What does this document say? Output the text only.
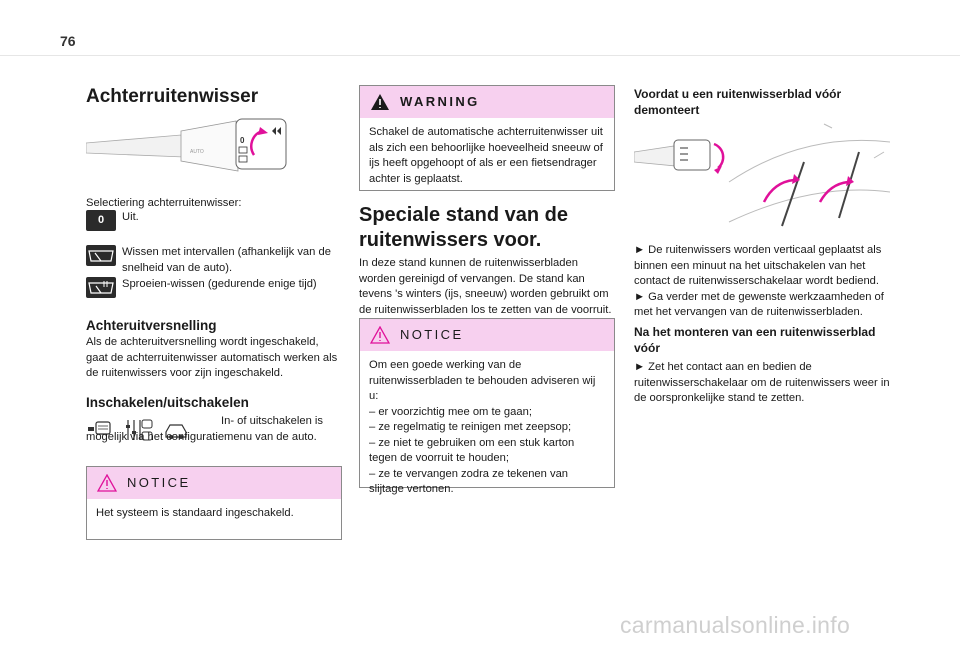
76
Achterruitenwisser
AUTO
0

Selectiering achterruitenwisser:

0	Uit.
Wissen met intervallen (afhankelijk van de snelheid van de auto).
Sproeien-wissen (gedurende enige tijd)
Achteruitversnelling

Als de achteruitversnelling wordt ingeschakeld, gaat de achterruitenwisser automatisch werken als de ruitenwissers voor zijn ingeschakeld.

Inschakelen/uitschakelen

In- of uitschakelen is mogelijk via het configuratiemenu van de auto.

NOTICE
Het systeem is standaard ingeschakeld.
WARNING
Schakel de automatische achterruitenwisser uit als zich een behoorlijke hoeveelheid sneeuw of ijs heeft opgehoopt of als er een fietsendrager achter is geplaatst.
Speciale stand van de ruitenwissers voor.

In deze stand kunnen de ruitenwisserbladen worden gereinigd of vervangen. De stand kan tevens 's winters (ijs, sneeuw) worden gebruikt om de ruitenwisserbladen los te zetten van de voorruit.

NOTICE

Om een goede werking van de ruitenwisserbladen te behouden adviseren wij u:

– er voorzichtig mee om te gaan;

– ze regelmatig te reinigen met zeepsop;

– ze niet te gebruiken om een stuk karton tegen de voorruit te houden;

– ze te vervangen zodra ze tekenen van slijtage vertonen.

Voordat u een ruitenwisserblad vóór demonteert

► De ruitenwissers worden verticaal geplaatst als binnen een minuut na het uitschakelen van het contact de ruitenwisserschakelaar wordt bediend.

► Ga verder met de gewenste werkzaamheden of met het vervangen van de ruitenwisserbladen.

Na het monteren van een ruitenwisserblad vóór

► Zet het contact aan en bedien de ruitenwisserschakelaar om de ruitenwissers weer in de oorspronkelijke stand te zetten.

carmanualsonline.info
